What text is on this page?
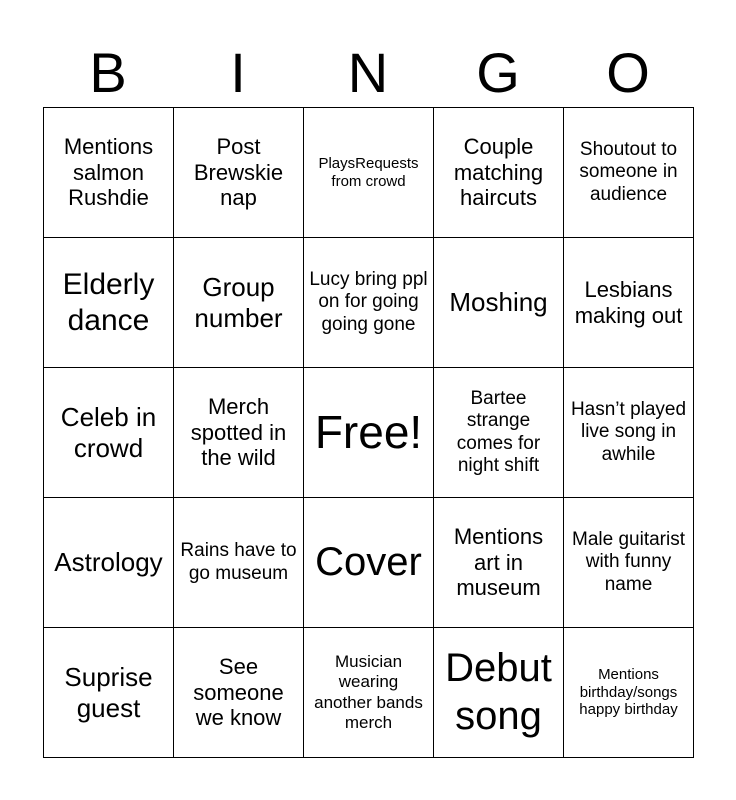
B	I	N	G	O
Mentions salmon Rushdie	Post Brewskie nap	PlaysRequests from crowd	Couple matching haircuts	Shoutout to someone in audience
Elderly dance	Group number	Lucy bring ppl on for going going gone	Moshing	Lesbians making out
Celeb in crowd	Merch spotted in the wild	Free!	Bartee strange comes for night shift	Hasn’t played live song in awhile
Astrology	Rains have to go museum	Cover	Mentions art in museum	Male guitarist with funny name
Suprise guest	See someone we know	Musician wearing another bands merch	Debut song	Mentions birthday/songs happy birthday
